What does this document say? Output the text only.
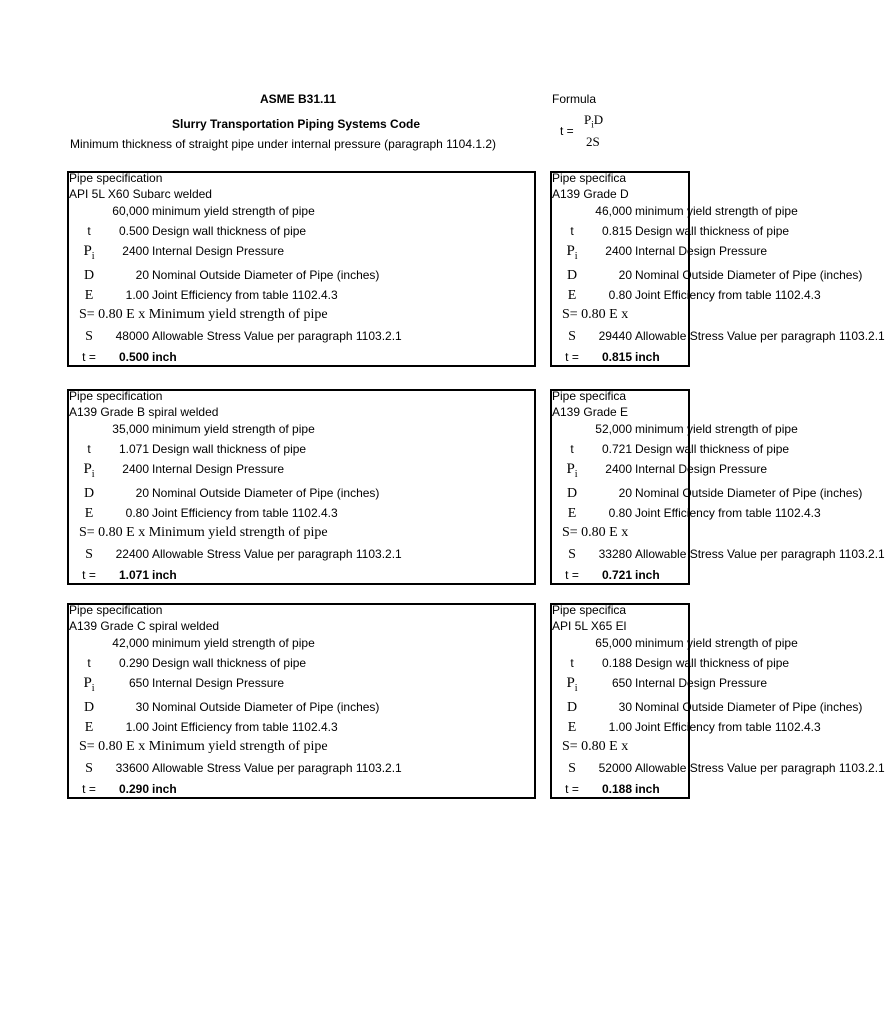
ASME B31.11
Slurry Transportation Piping Systems Code
Minimum thickness of straight pipe under internal pressure (paragraph 1104.1.2)
Formula
t =
$P_iD$
2S
Pipe specification
API 5L X60 Subarc welded
60,000 minimum yield strength of pipe
t 0.500 Design wall thickness of pipe
$P_i$ 2400 Internal Design Pressure
D	20 Nominal Outside Diameter of Pipe (inches)
E	1.00 Joint Efficiency from table 1102.4.3
S= 0.80 E x Minimum yield strength of pipe
S 48000 Allowable Stress Value per paragraph 1103.2.1
t = 0.500 inch
Pipe specification
A139 Grade B spiral welded
35,000 minimum yield strength of pipe
t 1.071 Design wall thickness of pipe
$P_i$ 2400 Internal Design Pressure
D	20 Nominal Outside Diameter of Pipe (inches)
E	0.80 Joint Efficiency from table 1102.4.3
S= 0.80 E x Minimum yield strength of pipe
S 22400 Allowable Stress Value per paragraph 1103.2.1
t = 1.071 inch
Pipe specification
A139 Grade C spiral welded
42,000 minimum yield strength of pipe
t 0.290 Design wall thickness of pipe
$P_i$	650 Internal Design Pressure
D	30 Nominal Outside Diameter of Pipe (inches)
E	1.00 Joint Efficiency from table 1102.4.3
S= 0.80 E x Minimum yield strength of pipe
S 33600 Allowable Stress Value per paragraph 1103.2.1
t = 0.290 inch
Pipe specifica
A139 Grade D
46,000 minimum yield strength of pipe
t 0.815 Design wall thickness of pipe
$P_i$ 2400 Internal Design Pressure
D	20 Nominal Outside Diameter of Pipe (inches)
E	0.80 Joint Efficiency from table 1102.4.3
S= 0.80 E x
S 29440 Allowable Stress Value per paragraph 1103.2.1
t = 0.815 inch
Pipe specifica
A139 Grade E
52,000 minimum yield strength of pipe
t 0.721 Design wall thickness of pipe
$P_i$ 2400 Internal Design Pressure
D	20 Nominal Outside Diameter of Pipe (inches)
E	0.80 Joint Efficiency from table 1102.4.3
S= 0.80 E x
S 33280 Allowable Stress Value per paragraph 1103.2.1
t = 0.721 inch
Pipe specifica
API 5L X65 El
65,000 minimum yield strength of pipe
t 0.188 Design wall thickness of pipe
$P_i$	650 Internal Design Pressure
D	30 Nominal Outside Diameter of Pipe (inches)
E	1.00 Joint Efficiency from table 1102.4.3
S= 0.80 E x
S 52000 Allowable Stress Value per paragraph 1103.2.1
t = 0.188 inch
